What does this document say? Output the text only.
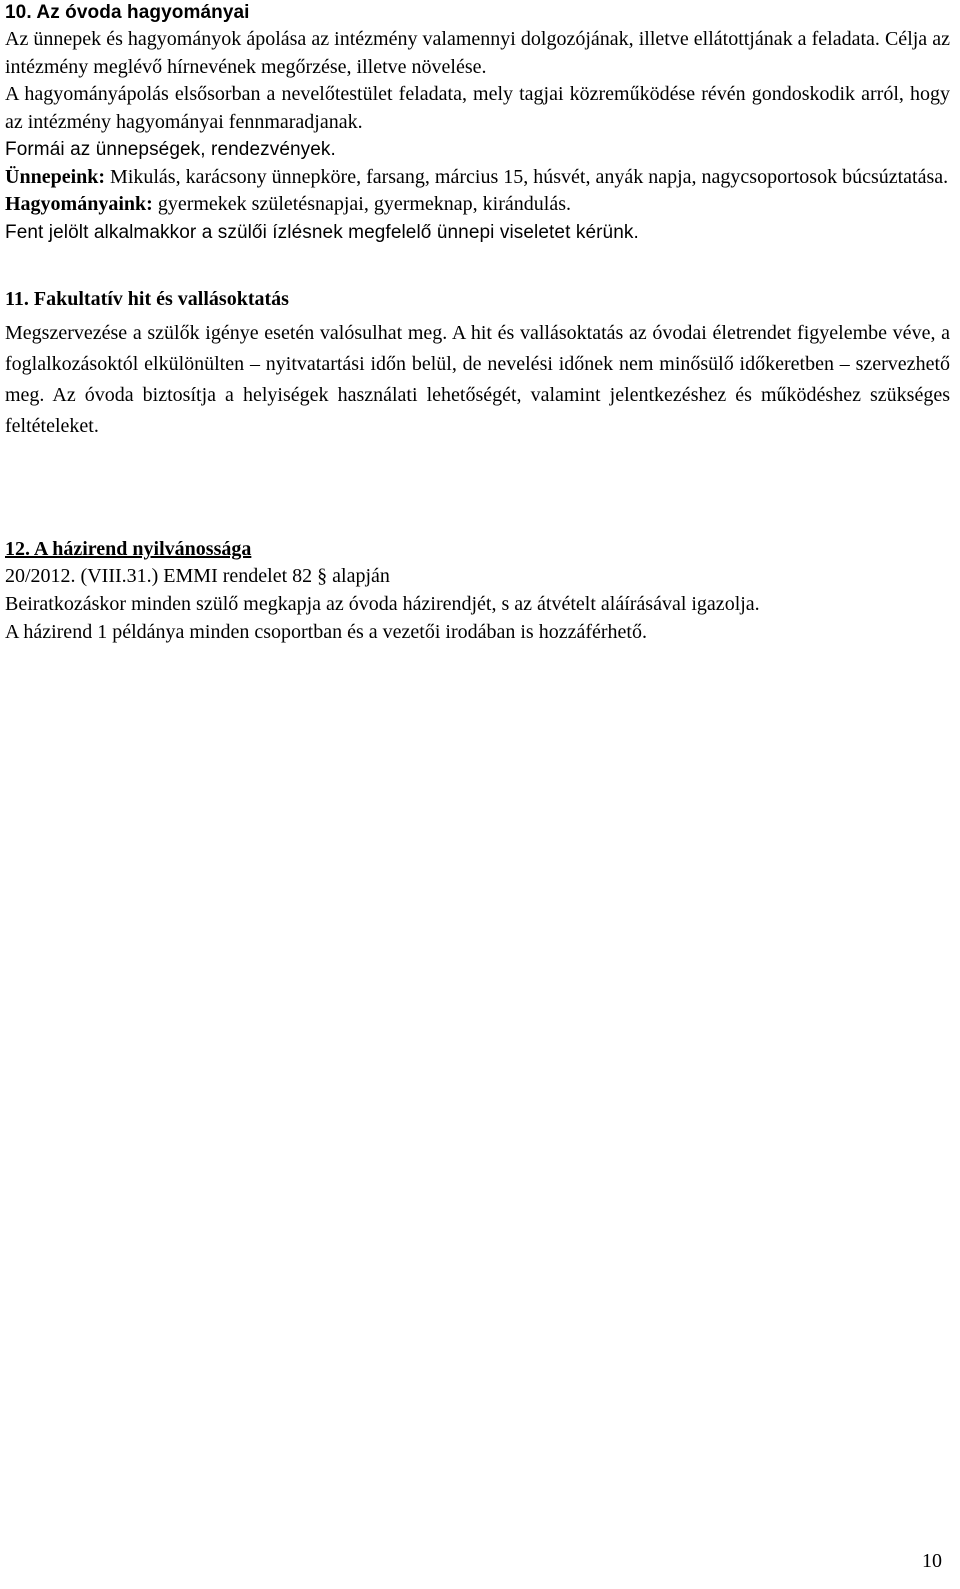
10. Az óvoda hagyományai

Az ünnepek és hagyományok ápolása az intézmény valamennyi dolgozójának, illetve ellátottjának a feladata. Célja az intézmény meglévő hírnevének megőrzése, illetve növelése.

A hagyományápolás elsősorban a nevelőtestület feladata, mely tagjai közreműködése révén gondoskodik arról, hogy az intézmény hagyományai fennmaradjanak.

Formái az ünnepségek, rendezvények.

Ünnepeink: Mikulás, karácsony ünnepköre, farsang, március 15, húsvét, anyák napja, nagycsoportosok búcsúztatása.

Hagyományaink: gyermekek születésnapjai, gyermeknap, kirándulás.

Fent jelölt alkalmakkor a szülői ízlésnek megfelelő ünnepi viseletet kérünk.

11. Fakultatív hit és vallásoktatás

Megszervezése a szülők igénye esetén valósulhat meg. A hit és vallásoktatás az óvodai életrendet figyelembe véve, a foglalkozásoktól elkülönülten – nyitvatartási időn belül, de nevelési időnek nem minősülő időkeretben – szervezhető meg. Az óvoda biztosítja a helyiségek használati lehetőségét, valamint jelentkezéshez és működéshez szükséges feltételeket.

12. A házirend nyilvánossága

20/2012. (VIII.31.) EMMI rendelet 82 § alapján

Beiratkozáskor minden szülő megkapja az óvoda házirendjét, s az átvételt aláírásával igazolja.

A házirend 1 példánya minden csoportban és a vezetői irodában is hozzáférhető.

10
